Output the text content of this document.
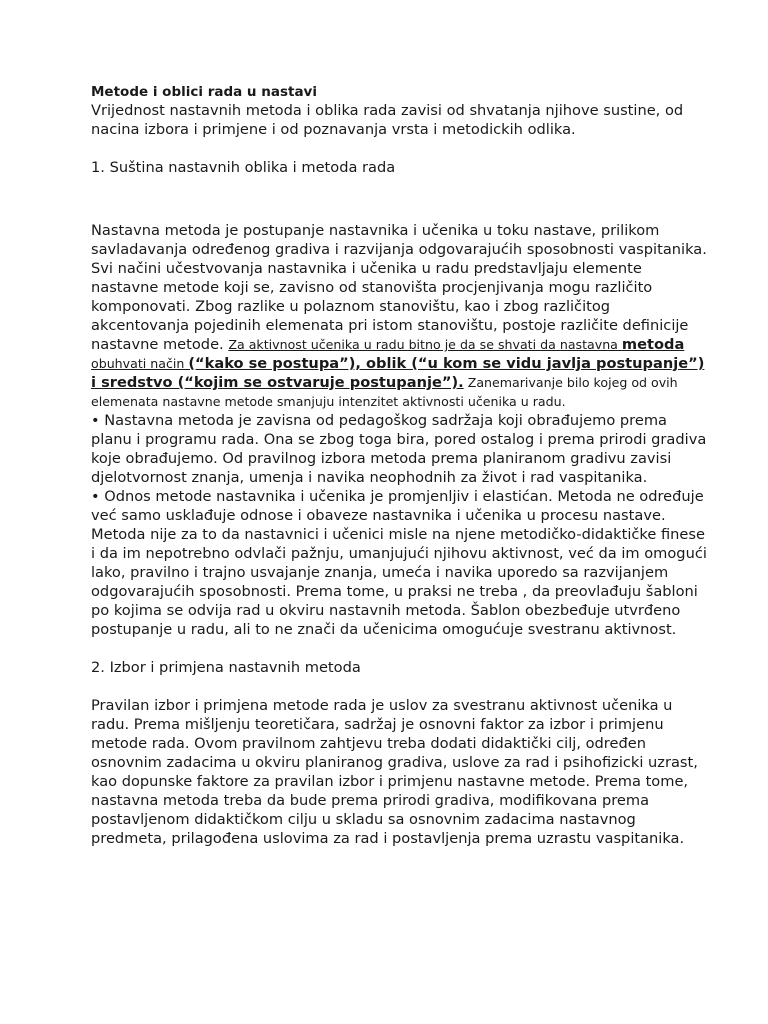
Metode i oblici rada u nastavi

Vrijednost nastavnih metoda i oblika rada zavisi od shvatanja njihove sustine, od nacina izbora i primjene i od poznavanja vrsta i metodickih odlika.

1. Suština nastavnih oblika i metoda rada

Nastavna metoda je postupanje nastavnika i učenika u toku nastave, prilikom savladavanja određenog gradiva i razvijanja odgovarajućih sposobnosti vaspitanika. Svi načini učestvovanja nastavnika i učenika u radu predstavljaju elemente nastavne metode koji se, zavisno od stanovišta procjenjivanja mogu različito komponovati. Zbog razlike u polaznom stanovištu, kao i zbog različitog akcentovanja pojedinih elemenata pri istom stanovištu, postoje različite definicije nastavne metode. Za aktivnost učenika u radu bitno je da se shvati da nastavna metoda obuhvati način (“kako se postupa”), oblik (“u kom se vidu javlja postupanje”) i sredstvo (“kojim se ostvaruje postupanje”). Zanemarivanje bilo kojeg od ovih elemenata nastavne metode smanjuju intenzitet aktivnosti učenika u radu.

• Nastavna metoda je zavisna od pedagoškog sadržaja koji obrađujemo prema planu i programu rada. Ona se zbog toga bira, pored ostalog i prema prirodi gradiva koje obrađujemo. Od pravilnog izbora metoda prema planiranom gradivu zavisi djelotvornost znanja, umenja i navika neophodnih za život i rad vaspitanika.

• Odnos metode nastavnika i učenika je promjenljiv i elastićan. Metoda ne određuje već samo usklađuje odnose i obaveze nastavnika i učenika u procesu nastave. Metoda nije za to da nastavnici i učenici misle na njene metodičko-didaktičke finese i da im nepotrebno odvlači pažnju, umanjujući njihovu aktivnost, već da im omogući lako, pravilno i trajno usvajanje znanja, umeća i navika uporedo sa razvijanjem odgovarajućih sposobnosti. Prema tome, u praksi ne treba , da preovlađuju šabloni po kojima se odvija rad u okviru nastavnih metoda. Šablon obezbeđuje utvrđeno postupanje u radu, ali to ne znači da učenicima omogućuje svestranu aktivnost.

2. Izbor i primjena nastavnih metoda

Pravilan izbor i primjena metode rada je uslov za svestranu aktivnost učenika u radu. Prema mišljenju teoretičara, sadržaj je osnovni faktor za izbor i primjenu metode rada. Ovom pravilnom zahtjevu treba dodati didaktički cilj, određen osnovnim zadacima u okviru planiranog gradiva, uslove za rad i psihofizicki uzrast, kao dopunske faktore za pravilan izbor i primjenu nastavne metode. Prema tome, nastavna metoda treba da bude prema prirodi gradiva, modifikovana prema postavljenom didaktičkom cilju u skladu sa osnovnim zadacima nastavnog predmeta, prilagođena uslovima za rad i postavljenja prema uzrastu vaspitanika.
